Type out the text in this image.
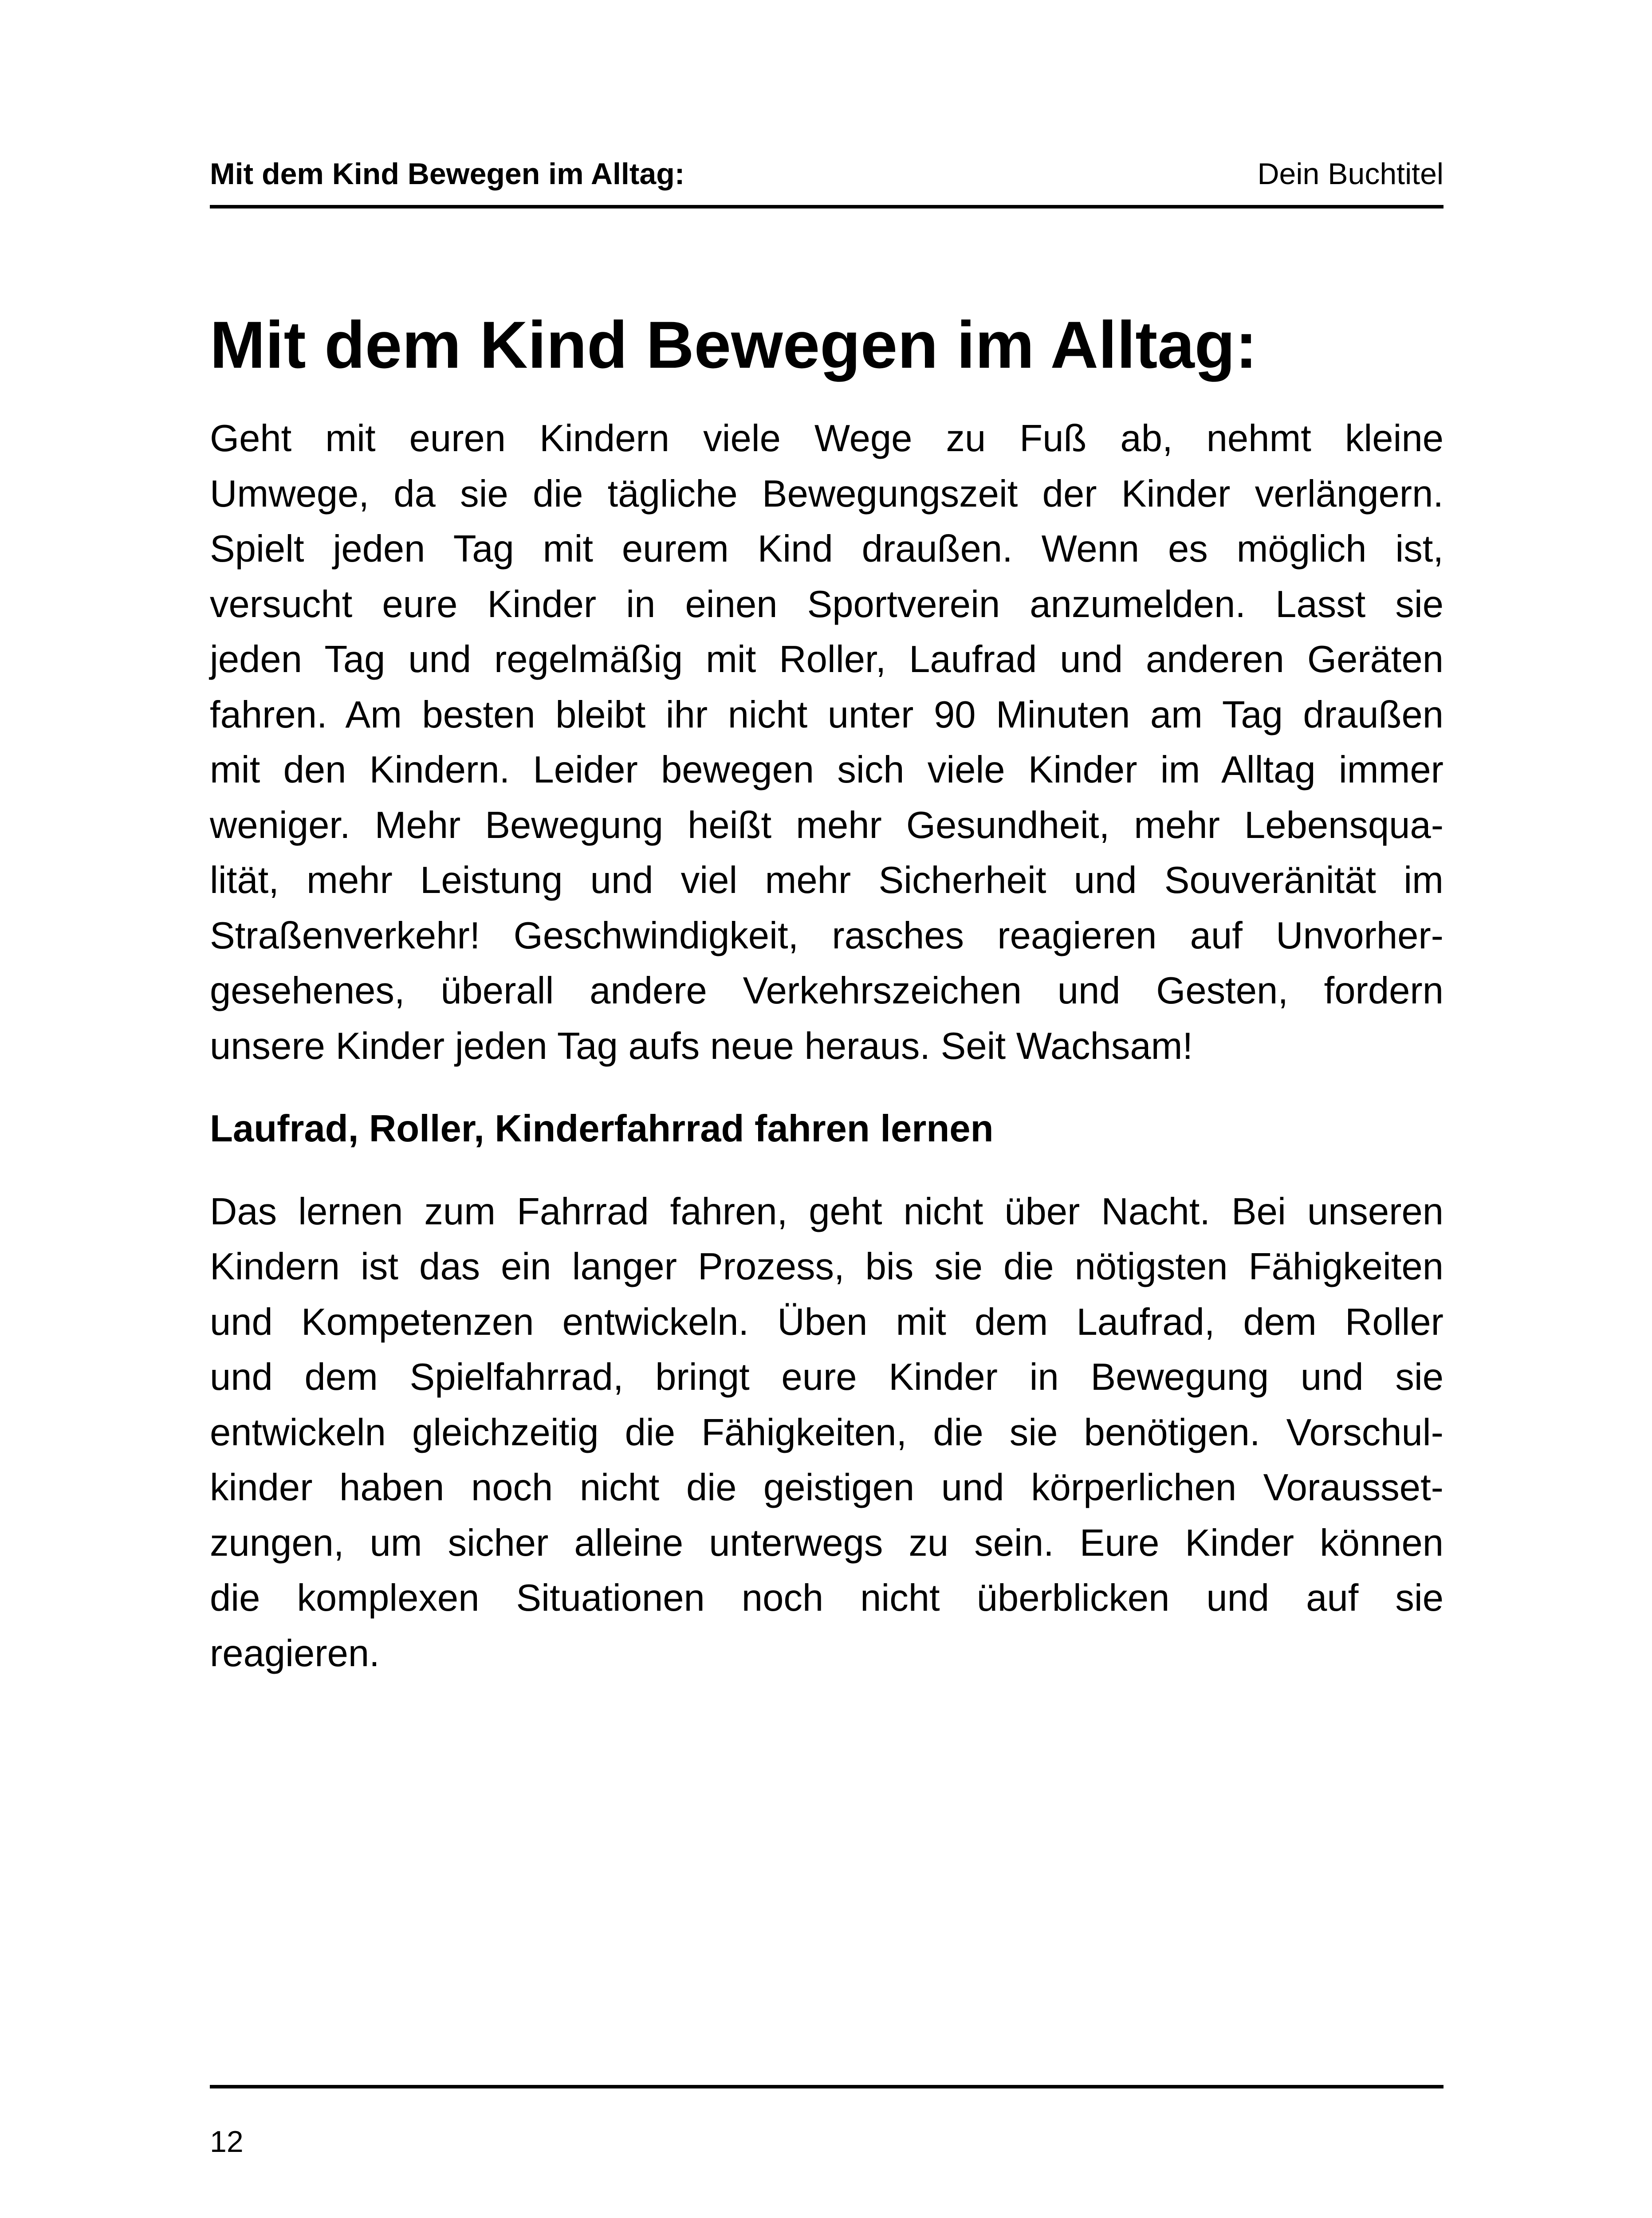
Mit dem Kind Bewegen im Alltag:	Dein Buchtitel
Mit dem Kind Bewegen im Alltag:
Geht mit euren Kindern viele Wege zu Fuß ab, nehmt kleine
Umwege, da sie die tägliche Bewegungszeit der Kinder verlängern.
Spielt jeden Tag mit eurem Kind draußen. Wenn es möglich ist,
versucht eure Kinder in einen Sportverein anzumelden. Lasst sie
jeden Tag und regelmäßig mit Roller, Laufrad und anderen Geräten
fahren. Am besten bleibt ihr nicht unter 90 Minuten am Tag draußen
mit den Kindern. Leider bewegen sich viele Kinder im Alltag immer
weniger. Mehr Bewegung heißt mehr Gesundheit, mehr Lebensqua-
lität, mehr Leistung und viel mehr Sicherheit und Souveränität im
Straßenverkehr! Geschwindigkeit, rasches reagieren auf Unvorher-
gesehenes, überall andere Verkehrszeichen und Gesten, fordern
unsere Kinder jeden Tag aufs neue heraus. Seit Wachsam!
Laufrad, Roller, Kinderfahrrad fahren lernen
Das lernen zum Fahrrad fahren, geht nicht über Nacht. Bei unseren
Kindern ist das ein langer Prozess, bis sie die nötigsten Fähigkeiten
und Kompetenzen entwickeln. Üben mit dem Laufrad, dem Roller
und dem Spielfahrrad, bringt eure Kinder in Bewegung und sie
entwickeln gleichzeitig die Fähigkeiten, die sie benötigen. Vorschul-
kinder haben noch nicht die geistigen und körperlichen Vorausset-
zungen, um sicher alleine unterwegs zu sein. Eure Kinder können
die komplexen Situationen noch nicht überblicken und auf sie
reagieren.
12
